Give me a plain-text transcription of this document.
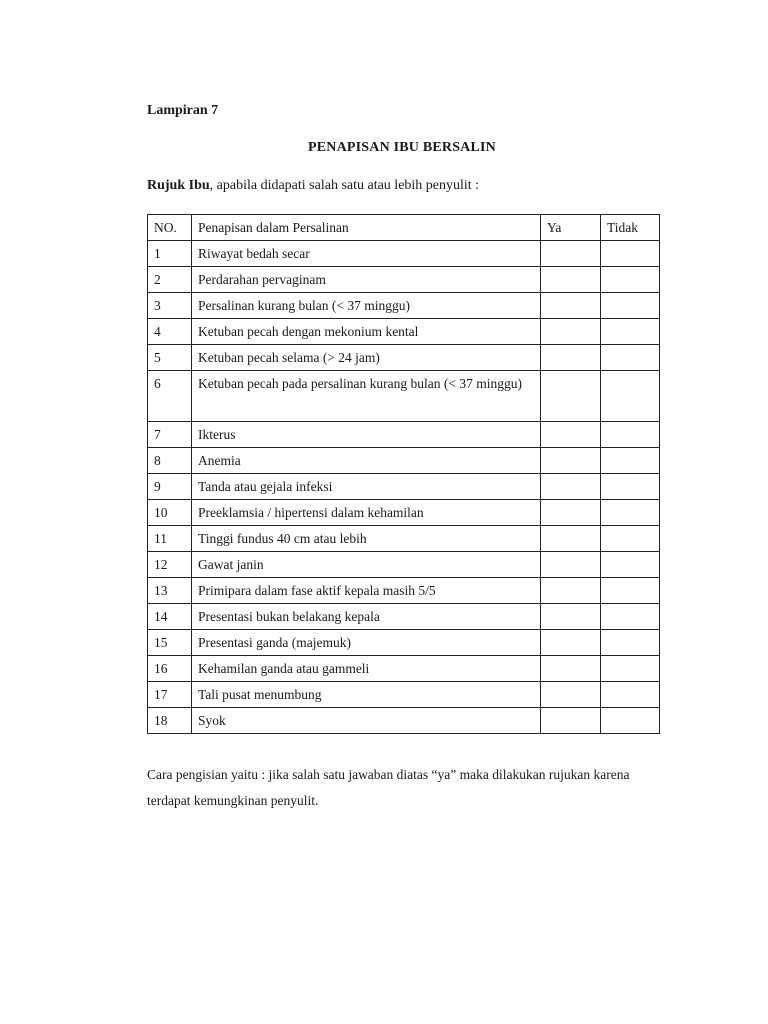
Lampiran 7
PENAPISAN IBU BERSALIN
Rujuk Ibu, apabila didapati salah satu atau lebih penyulit :
NO.	Penapisan dalam Persalinan	Ya	Tidak
1	Riwayat bedah secar		
2	Perdarahan pervaginam		
3	Persalinan kurang bulan (< 37 minggu)		
4	Ketuban pecah dengan mekonium kental		
5	Ketuban pecah selama (> 24 jam)		
6	Ketuban pecah pada persalinan kurang bulan (< 37 minggu)		
7	Ikterus		
8	Anemia		
9	Tanda atau gejala infeksi		
10	Preeklamsia / hipertensi dalam kehamilan		
11	Tinggi fundus 40 cm atau lebih		
12	Gawat janin		
13	Primipara dalam fase aktif kepala masih 5/5		
14	Presentasi bukan belakang kepala		
15	Presentasi ganda (majemuk)		
16	Kehamilan ganda atau gammeli		
17	Tali pusat menumbung		
18	Syok		
Cara pengisian yaitu : jika salah satu jawaban diatas “ya” maka dilakukan rujukan karena terdapat kemungkinan penyulit.
